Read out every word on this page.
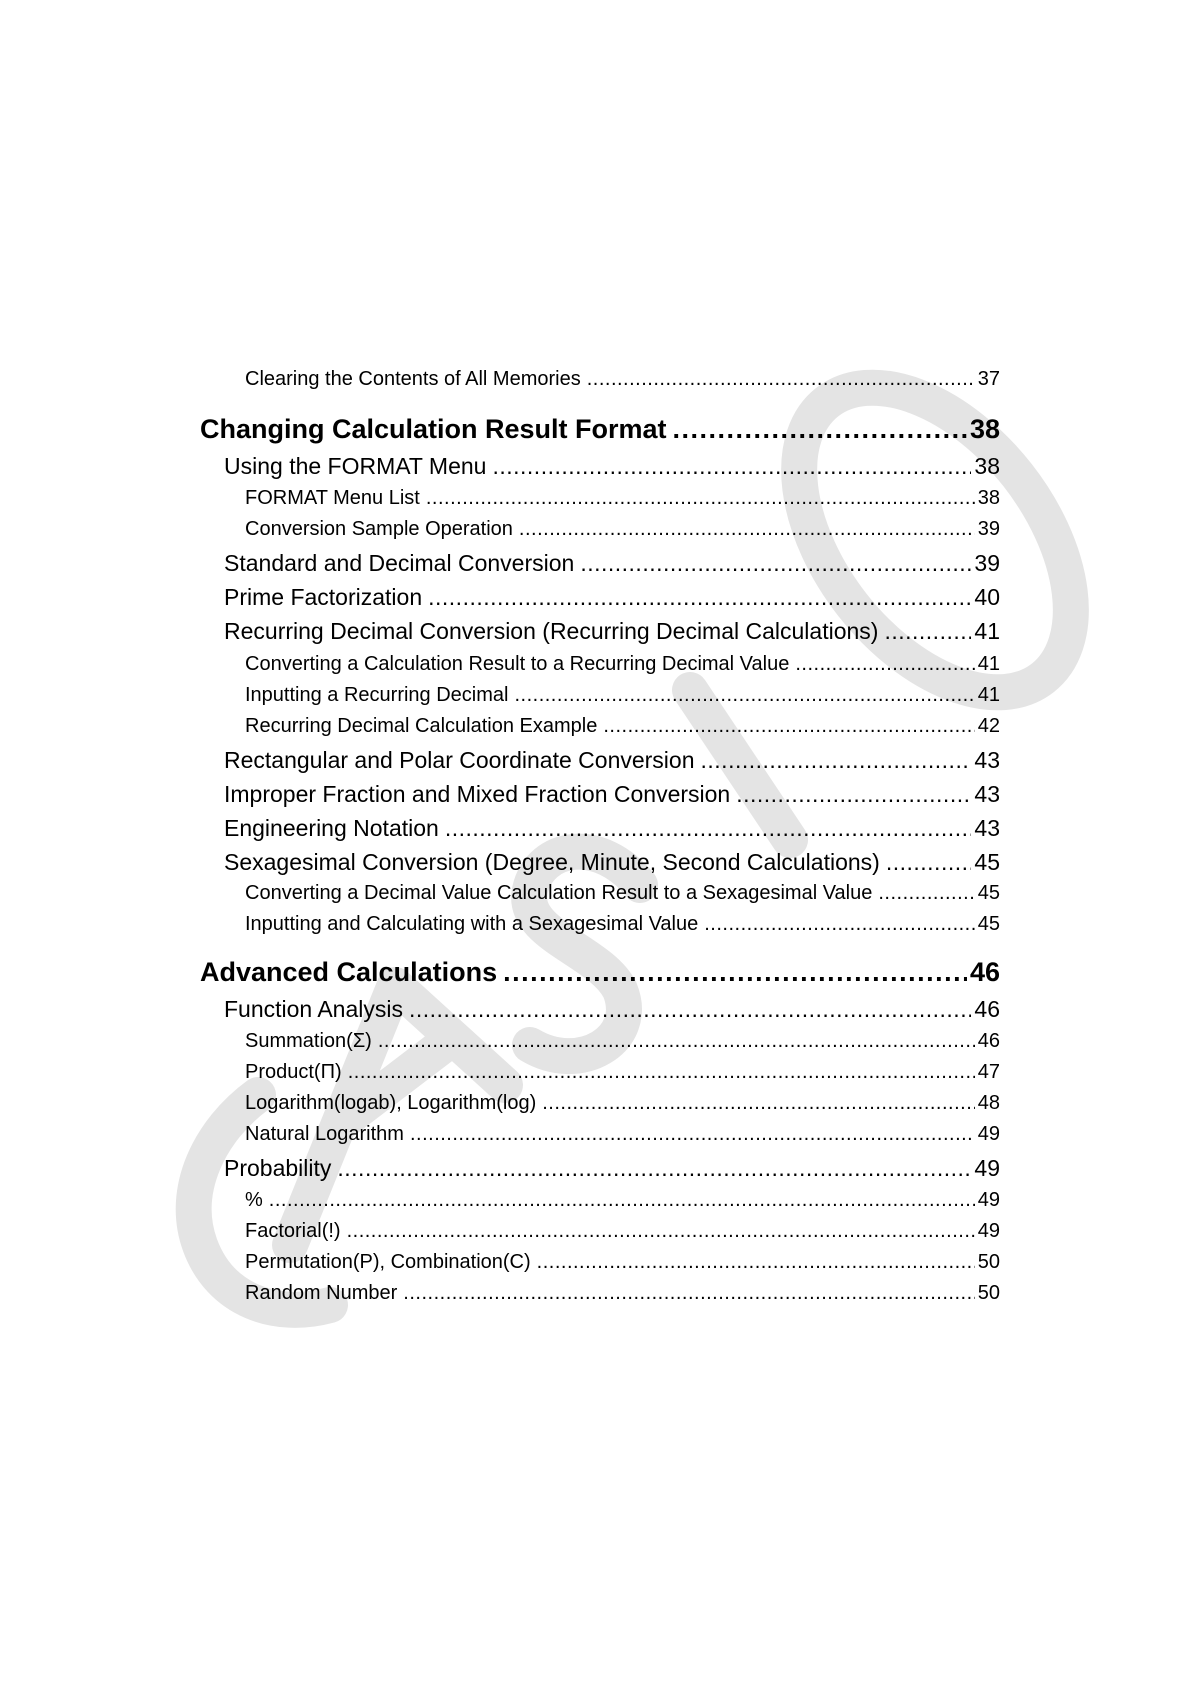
Clearing the Contents of All Memories .....	37
Changing Calculation Result Format .....	38
Using the FORMAT Menu .....	38
FORMAT Menu List .....	38
Conversion Sample Operation .....	39
Standard and Decimal Conversion .....	39
Prime Factorization .....	40
Recurring Decimal Conversion (Recurring Decimal Calculations) .....	41
Converting a Calculation Result to a Recurring Decimal Value .....	41
Inputting a Recurring Decimal .....	41
Recurring Decimal Calculation Example .....	42
Rectangular and Polar Coordinate Conversion .....	43
Improper Fraction and Mixed Fraction Conversion .....	43
Engineering Notation .....	43
Sexagesimal Conversion (Degree, Minute, Second Calculations) .....	45
Converting a Decimal Value Calculation Result to a Sexagesimal Value .....	45
Inputting and Calculating with a Sexagesimal Value .....	45
Advanced Calculations .....	46
Function Analysis .....	46
Summation(Σ) .....	46
Product(Π) .....	47
Logarithm(logab), Logarithm(log) .....	48
Natural Logarithm .....	49
Probability .....	49
% .....	49
Factorial(!) .....	49
Permutation(P), Combination(C) .....	50
Random Number .....	50
